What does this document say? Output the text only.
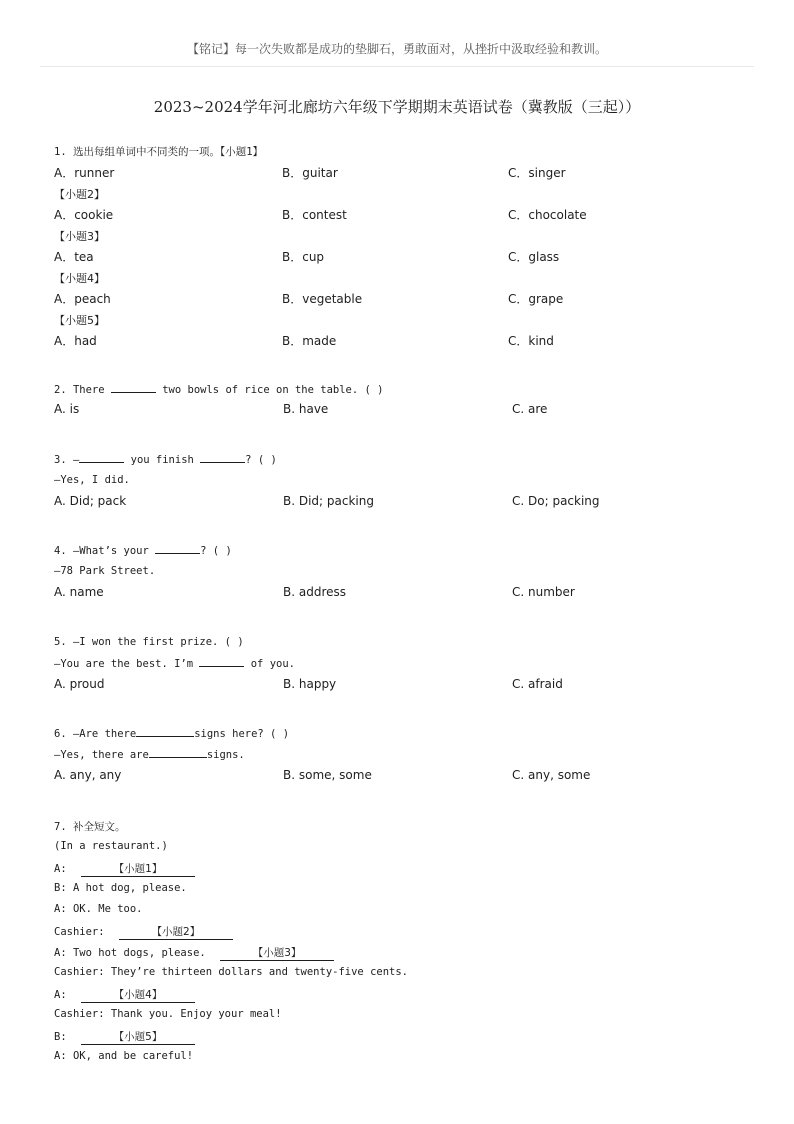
【铭记】每一次失败都是成功的垫脚石，勇敢面对，从挫折中汲取经验和教训。
2023~2024学年河北廊坊六年级下学期期末英语试卷（冀教版（三起））
1. 选出每组单词中不同类的一项。【小题1】
A．runner	B．guitar	C．singer
【小题2】
A．cookie	B．contest	C．chocolate
【小题3】
A．tea	B．cup	C．glass
【小题4】
A．peach	B．vegetable	C．grape
【小题5】
A．had	B．made	C．kind
2. There	two bowls of rice on the table. ( )
A. is	B. have	C. are
3. —	you finish	? ( )
—Yes, I did.
A. Did; pack	B. Did; packing	C. Do; packing
4. —What’s your	? ( )
—78 Park Street.
A. name	B. address	C. number
5. —I won the first prize. ( )
—You are the best. I’m	of you.
A. proud	B. happy	C. afraid
6. —Are there	signs here? ( )
—Yes, there are	signs.
A. any, any	B. some, some	C. any, some
7. 补全短文。
(In a restaurant.)
A:	【小题1】
B: A hot dog, please.
A: OK. Me too.
Cashier:	【小题2】
A: Two hot dogs, please.	【小题3】
Cashier: They’re thirteen dollars and twenty-five cents.
A:	【小题4】
Cashier: Thank you. Enjoy your meal!
B:	【小题5】
A: OK, and be careful!
